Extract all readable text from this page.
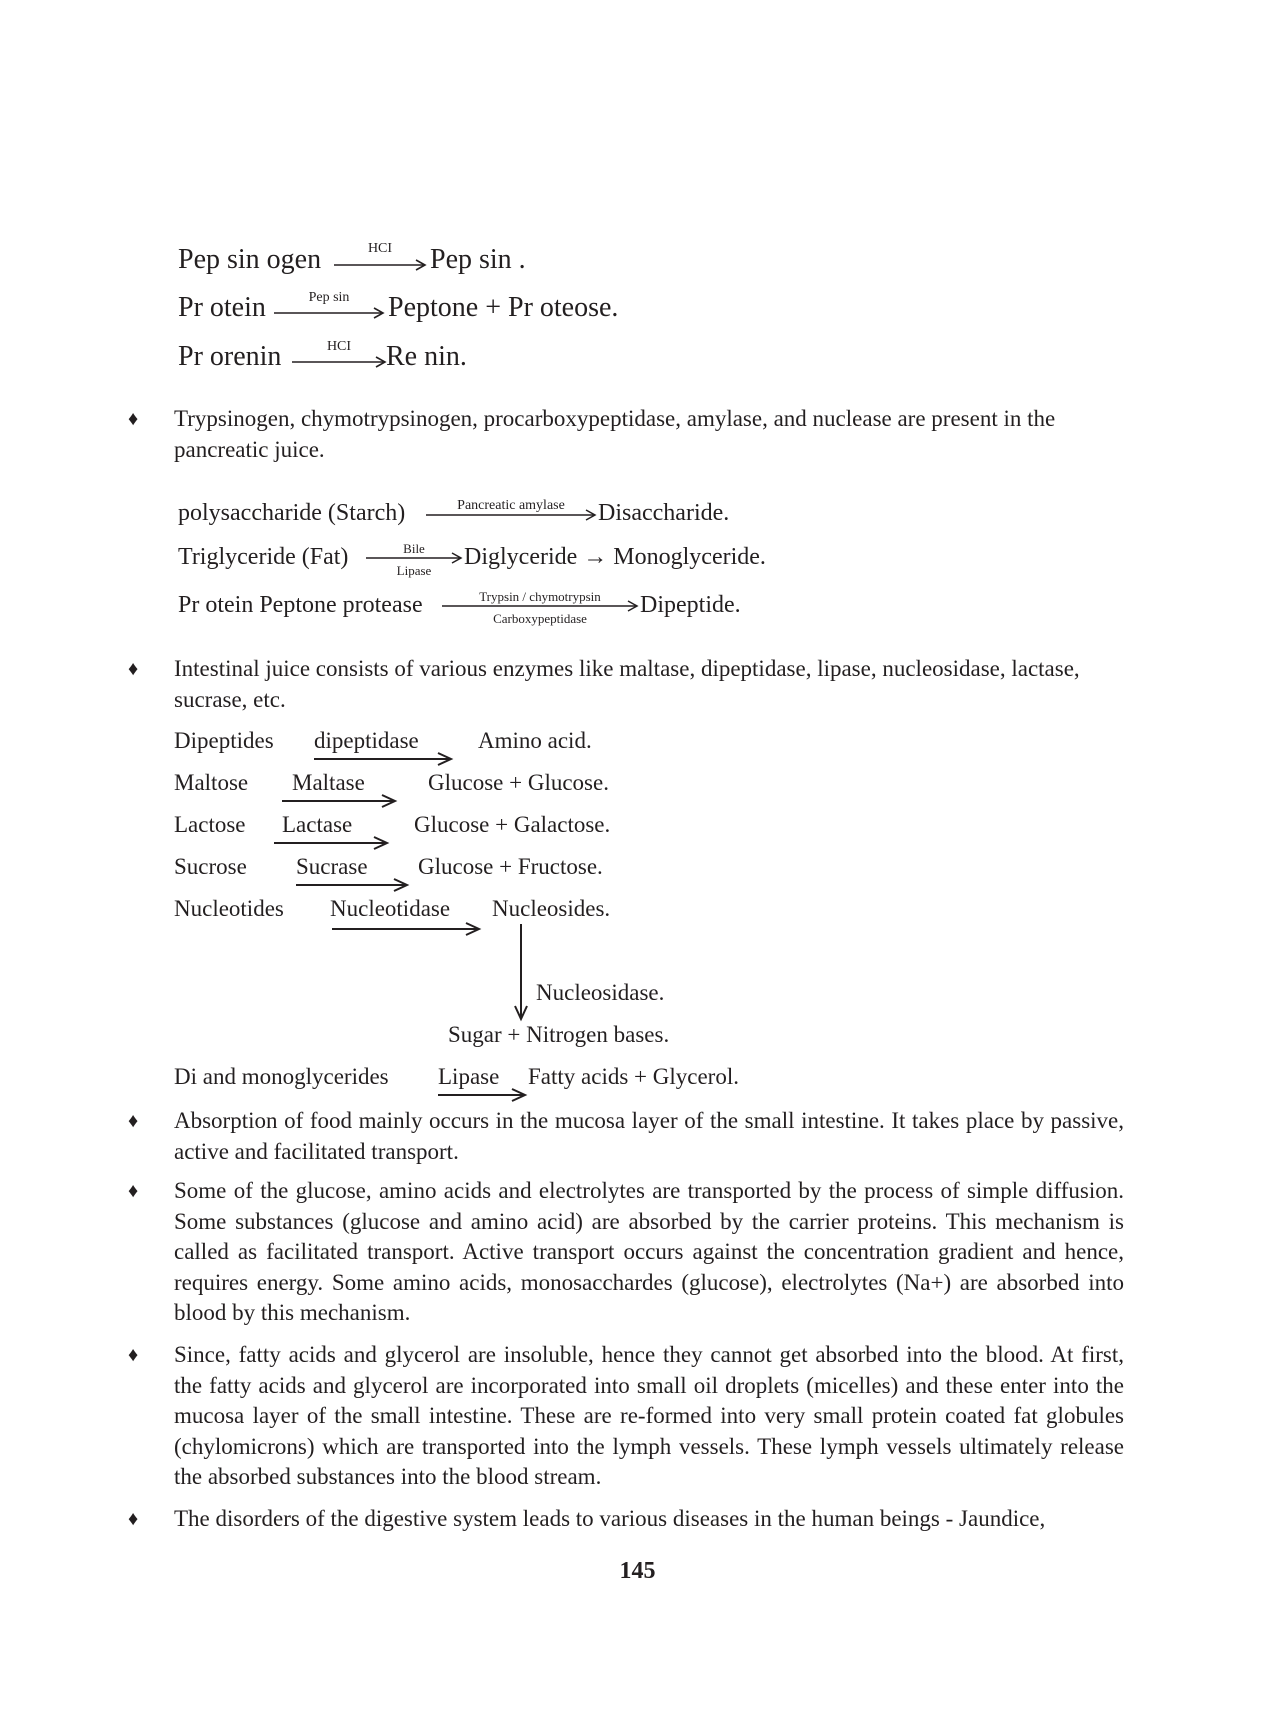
Pep sin ogen	HCI	Pep sin .
Pr otein	Pep sin	Peptone + Pr oteose.
Pr orenin	HCI	Re nin.
♦ Trypsinogen, chymotrypsinogen, procarboxypeptidase, amylase, and nuclease are present in the pancreatic juice.
polysaccharide (Starch)	Pancreatic amylase	Disaccharide.
Triglyceride (Fat)	Bile
Lipase
Diglyceride → Monoglyceride.
Pr otein Peptone protease	Trypsin / chymotrypsin
Carboxypeptidase
Dipeptide.
♦ Intestinal juice consists of various enzymes like maltase, dipeptidase, lipase, nucleosidase, lactase, sucrase, etc.
Dipeptides dipeptidase	Amino acid.
Maltose Maltase	Glucose + Glucose.
Lactose Lactase	Glucose + Galactose.
Sucrose Sucrase Glucose + Fructose.
Nucleotides Nucleotidase Nucleosides.
Nucleosidase.
Sugar + Nitrogen bases.
Di and monoglycerides Lipase Fatty acids + Glycerol.
♦ Absorption of food mainly occurs in the mucosa layer of the small intestine. It takes place by passive, active and facilitated transport.
♦ Some of the glucose, amino acids and electrolytes are transported by the process of simple diffusion. Some substances (glucose and amino acid) are absorbed by the carrier proteins. This mechanism is called as facilitated transport. Active transport occurs against the concentration gradient and hence, requires energy. Some amino acids, monosacchardes (glucose), electrolytes (Na+) are absorbed into blood by this mechanism.
♦ Since, fatty acids and glycerol are insoluble, hence they cannot get absorbed into the blood. At first, the fatty acids and glycerol are incorporated into small oil droplets (micelles) and these enter into the mucosa layer of the small intestine. These are re-formed into very small protein coated fat globules (chylomicrons) which are transported into the lymph vessels. These lymph vessels ultimately release the absorbed substances into the blood stream.
♦ The disorders of the digestive system leads to various diseases in the human beings - Jaundice,
145
